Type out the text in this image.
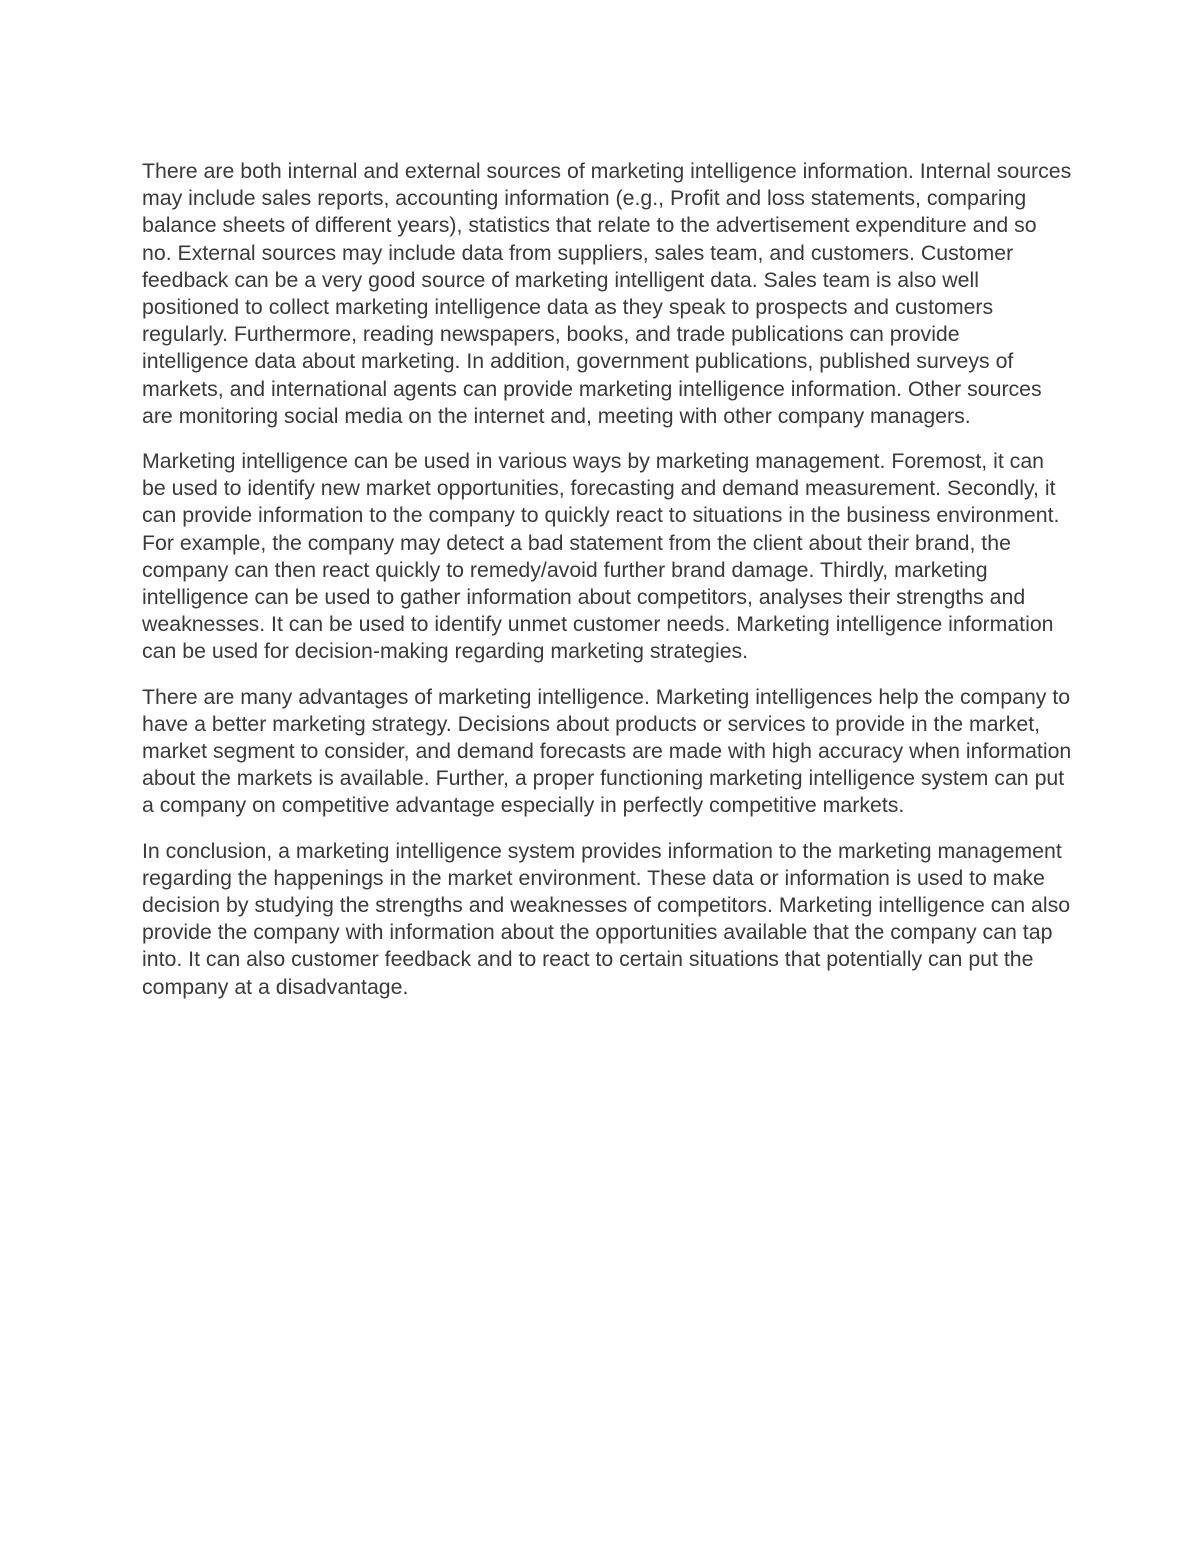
There are both internal and external sources of marketing intelligence information. Internal sources may include sales reports, accounting information (e.g., Profit and loss statements, comparing balance sheets of different years), statistics that relate to the advertisement expenditure and so no. External sources may include data from suppliers, sales team, and customers. Customer feedback can be a very good source of marketing intelligent data. Sales team is also well positioned to collect marketing intelligence data as they speak to prospects and customers regularly. Furthermore, reading newspapers, books, and trade publications can provide intelligence data about marketing. In addition, government publications, published surveys of markets, and international agents can provide marketing intelligence information. Other sources are monitoring social media on the internet and, meeting with other company managers.

Marketing intelligence can be used in various ways by marketing management. Foremost, it can be used to identify new market opportunities, forecasting and demand measurement. Secondly, it can provide information to the company to quickly react to situations in the business environment. For example, the company may detect a bad statement from the client about their brand, the company can then react quickly to remedy/avoid further brand damage. Thirdly, marketing intelligence can be used to gather information about competitors, analyses their strengths and weaknesses. It can be used to identify unmet customer needs. Marketing intelligence information can be used for decision-making regarding marketing strategies.

There are many advantages of marketing intelligence. Marketing intelligences help the company to have a better marketing strategy. Decisions about products or services to provide in the market, market segment to consider, and demand forecasts are made with high accuracy when information about the markets is available. Further, a proper functioning marketing intelligence system can put a company on competitive advantage especially in perfectly competitive markets.

In conclusion, a marketing intelligence system provides information to the marketing management regarding the happenings in the market environment. These data or information is used to make decision by studying the strengths and weaknesses of competitors. Marketing intelligence can also provide the company with information about the opportunities available that the company can tap into. It can also customer feedback and to react to certain situations that potentially can put the company at a disadvantage.
